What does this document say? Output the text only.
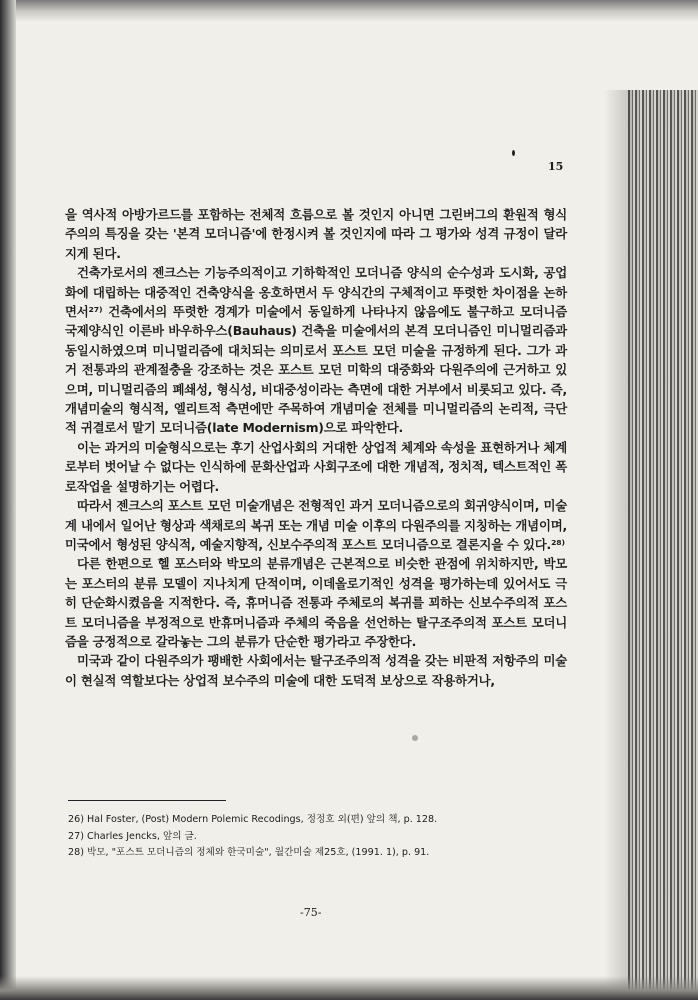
15

을 역사적 아방가르드를 포함하는 전체적 흐름으로 볼 것인지 아니면 그린버그의 환원적 형식주의의 특징을 갖는 '본격 모더니즘'에 한정시켜 볼 것인지에 따라 그 평가와 성격 규정이 달라지게 된다.

건축가로서의 젠크스는 기능주의적이고 기하학적인 모더니즘 양식의 순수성과 도시화, 공업화에 대립하는 대중적인 건축양식을 옹호하면서 두 양식간의 구체적이고 뚜렷한 차이점을 논하면서²⁷⁾ 건축에서의 뚜렷한 경계가 미술에서 동일하게 나타나지 않음에도 불구하고 모더니즘 국제양식인 이른바 바우하우스(Bauhaus) 건축을 미술에서의 본격 모더니즘인 미니멀리즘과 동일시하였으며 미니멀리즘에 대치되는 의미로서 포스트 모던 미술을 규정하게 된다. 그가 과거 전통과의 관계절충을 강조하는 것은 포스트 모던 미학의 대중화와 다원주의에 근거하고 있으며, 미니멀리즘의 폐쇄성, 형식성, 비대중성이라는 측면에 대한 거부에서 비롯되고 있다. 즉, 개념미술의 형식적, 엘리트적 측면에만 주목하여 개념미술 전체를 미니멀리즘의 논리적, 극단적 귀결로서 말기 모더니즘(late Modernism)으로 파악한다.

이는 과거의 미술형식으로는 후기 산업사회의 거대한 상업적 체계와 속성을 표현하거나 체계로부터 벗어날 수 없다는 인식하에 문화산업과 사회구조에 대한 개념적, 정치적, 텍스트적인 폭로작업을 설명하기는 어렵다.

따라서 젠크스의 포스트 모던 미술개념은 전형적인 과거 모더니즘으로의 회귀양식이며, 미술계 내에서 일어난 형상과 색채로의 복귀 또는 개념 미술 이후의 다원주의를 지칭하는 개념이며, 미국에서 형성된 양식적, 예술지향적, 신보수주의적 포스트 모더니즘으로 결론지을 수 있다.²⁸⁾

다른 한편으로 헬 포스터와 박모의 분류개념은 근본적으로 비슷한 관점에 위치하지만, 박모는 포스터의 분류 모델이 지나치게 단적이며, 이데올로기적인 성격을 평가하는데 있어서도 극히 단순화시켰음을 지적한다. 즉, 휴머니즘 전통과 주체로의 복귀를 꾀하는 신보수주의적 포스트 모더니즘을 부정적으로 반휴머니즘과 주체의 죽음을 선언하는 탈구조주의적 포스트 모더니즘을 긍정적으로 갈라놓는 그의 분류가 단순한 평가라고 주장한다.

미국과 같이 다원주의가 팽배한 사회에서는 탈구조주의적 성격을 갖는 비판적 저항주의 미술이 현실적 역할보다는 상업적 보수주의 미술에 대한 도덕적 보상으로 작용하거나,

26) Hal Foster, (Post) Modern Polemic Recodings, 정정호 외(편) 앞의 책, p. 128.
27) Charles Jencks, 앞의 글.
28) 박모, "포스트 모더니즘의 정체와 한국미술", 월간미술 제25호, (1991. 1), p. 91.
-75-
